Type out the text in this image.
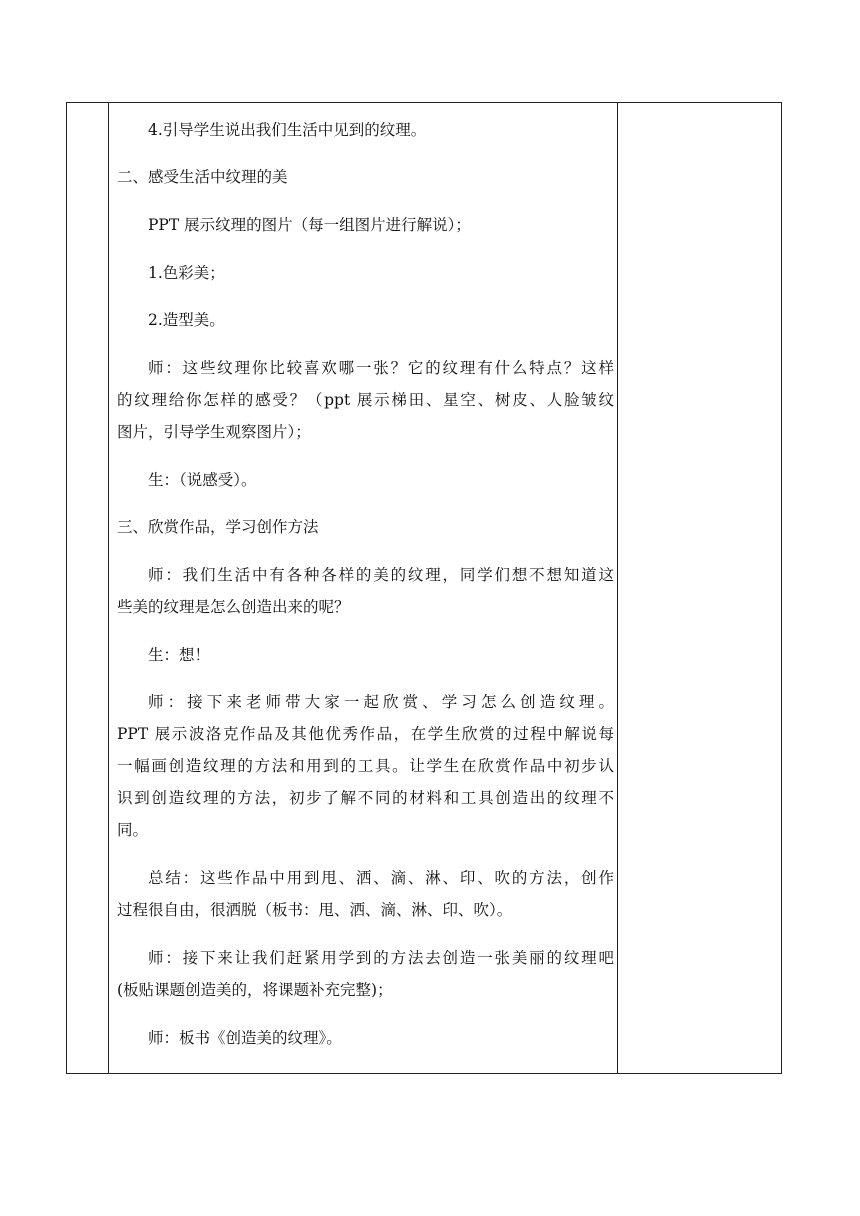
4.引导学生说出我们生活中见到的纹理。

二、感受生活中纹理的美

PPT 展示纹理的图片（每一组图片进行解说）；

1.色彩美；

2.造型美。

师：这些纹理你比较喜欢哪一张？它的纹理有什么特点？这样

的纹理给你怎样的感受？（ppt 展示梯田、星空、树皮、人脸皱纹

图片，引导学生观察图片）；

生：（说感受）。

三、欣赏作品，学习创作方法

师：我们生活中有各种各样的美的纹理，同学们想不想知道这

些美的纹理是怎么创造出来的呢？

生：想！

师：接下来老师带大家一起欣赏、学习怎么创造纹理。

PPT 展示波洛克作品及其他优秀作品，在学生欣赏的过程中解说每

一幅画创造纹理的方法和用到的工具。让学生在欣赏作品中初步认

识到创造纹理的方法，初步了解不同的材料和工具创造出的纹理不

同。

总结：这些作品中用到甩、洒、滴、淋、印、吹的方法，创作

过程很自由，很洒脱（板书：甩、洒、滴、淋、印、吹）。

师：接下来让我们赶紧用学到的方法去创造一张美丽的纹理吧

(板贴课题创造美的，将课题补充完整)；

师：板书《创造美的纹理》。
